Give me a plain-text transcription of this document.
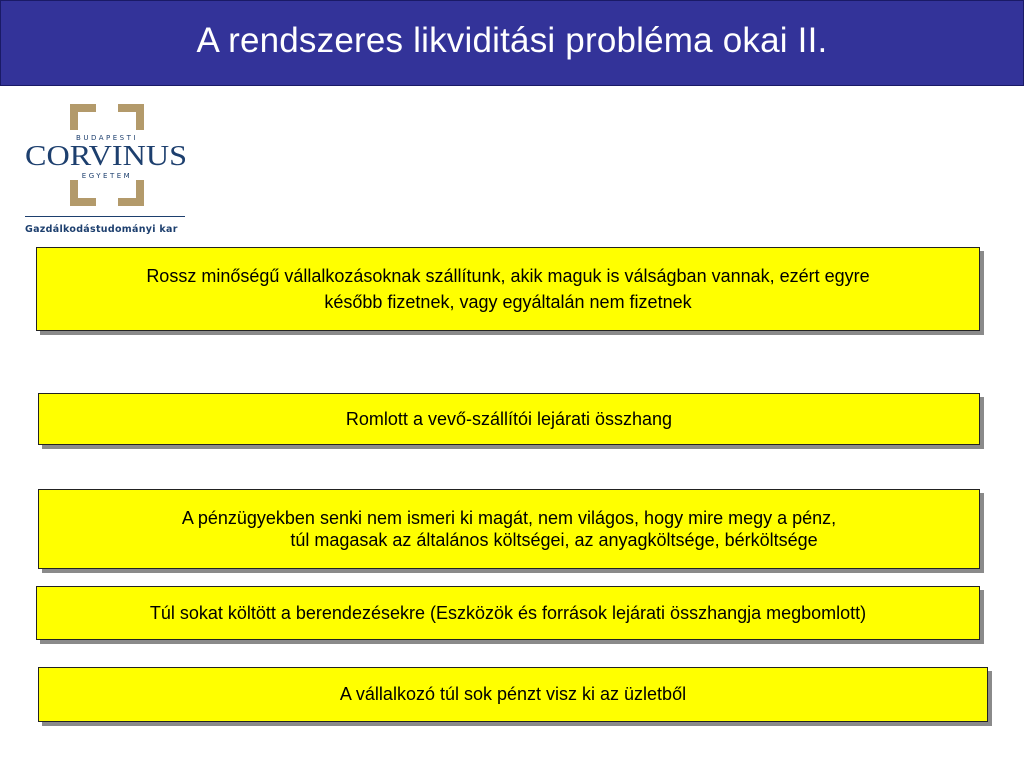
A rendszeres likviditási probléma okai II.
BUDAPESTI
CORVINUS
EGYETEM
Gazdálkodástudományi kar
Rossz minőségű vállalkozásoknak szállítunk, akik maguk is válságban vannak, ezért egyre
később fizetnek, vagy egyáltalán nem fizetnek
Romlott a vevő-szállítói lejárati összhang
A pénzügyekben senki nem ismeri ki magát, nem világos, hogy mire megy a pénz,
túl magasak az általános költségei, az anyagköltsége, bérköltsége
Túl sokat költött a berendezésekre (Eszközök és források lejárati összhangja megbomlott)
A vállalkozó túl sok pénzt visz ki az üzletből
